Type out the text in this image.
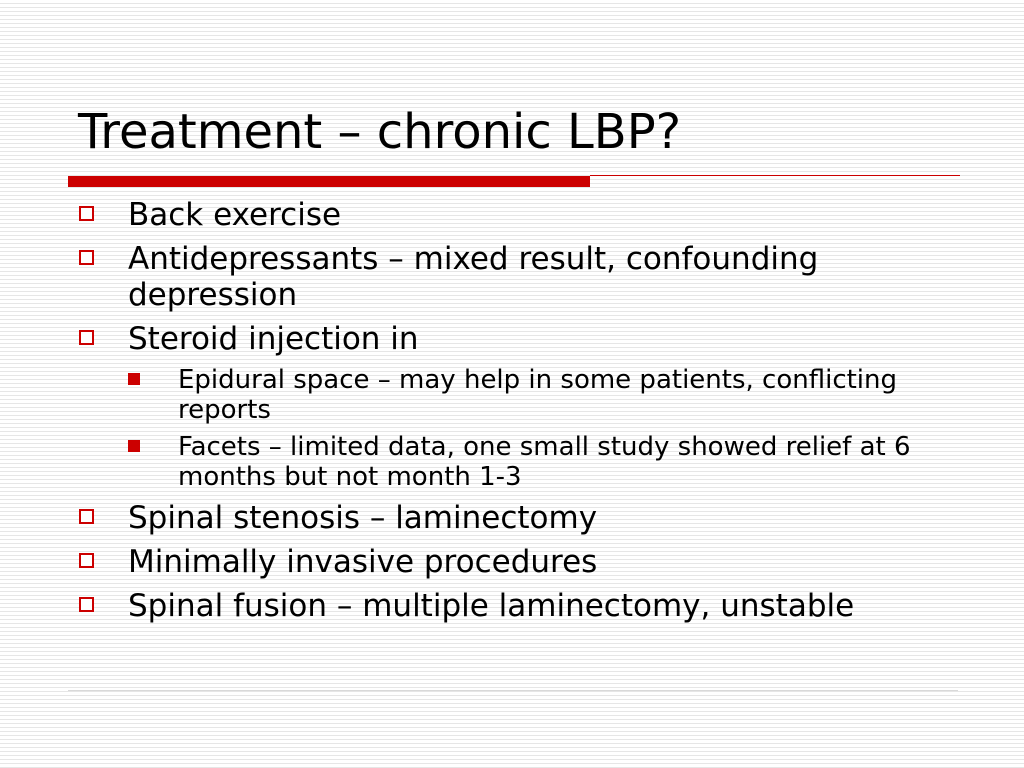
Treatment – chronic LBP?
Back exercise
Antidepressants – mixed result, confounding depression
Steroid injection in
Epidural space – may help in some patients, conflicting reports
Facets – limited data, one small study showed relief at 6 months but not month 1-3
Spinal stenosis – laminectomy
Minimally invasive procedures
Spinal fusion – multiple laminectomy, unstable
